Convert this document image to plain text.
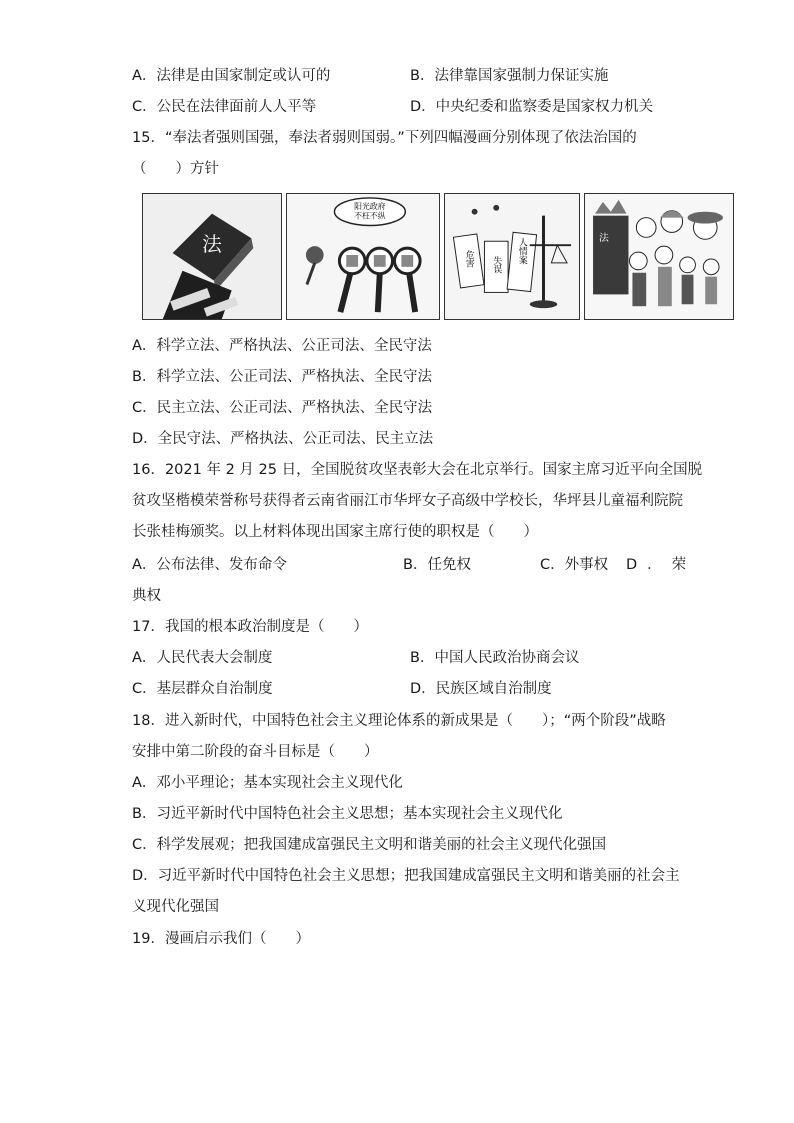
A．法律是由国家制定或认可的	B．法律靠国家强制力保证实施
C．公民在法律面前人人平等	D．中央纪委和监察委是国家权力机关
15．“奉法者强则国强，奉法者弱则国弱。”下列四幅漫画分别体现了依法治国的
（　　）方针
法
阳光政府
不枉不纵
危害 失误
人情案	法
A．科学立法、严格执法、公正司法、全民守法
B．科学立法、公正司法、严格执法、全民守法
C．民主立法、公正司法、严格执法、全民守法
D．全民守法、严格执法、公正司法、民主立法
16．2021 年 2 月 25 日，全国脱贫攻坚表彰大会在北京举行。国家主席习近平向全国脱
贫攻坚楷模荣誉称号获得者云南省丽江市华坪女子高级中学校长，华坪县儿童福利院院
长张桂梅颁奖。以上材料体现出国家主席行使的职权是（　　）
A．公布法律、发布命令	B．任免权	C．外事权 D．荣
典权
17．我国的根本政治制度是（　　）
A．人民代表大会制度	B．中国人民政治协商会议
C．基层群众自治制度	D．民族区域自治制度
18．进入新时代，中国特色社会主义理论体系的新成果是（　　）；“两个阶段”战略
安排中第二阶段的奋斗目标是（　　）
A．邓小平理论；基本实现社会主义现代化
B．习近平新时代中国特色社会主义思想；基本实现社会主义现代化
C．科学发展观；把我国建成富强民主文明和谐美丽的社会主义现代化强国
D．习近平新时代中国特色社会主义思想；把我国建成富强民主文明和谐美丽的社会主
义现代化强国
19．漫画启示我们（　　）
